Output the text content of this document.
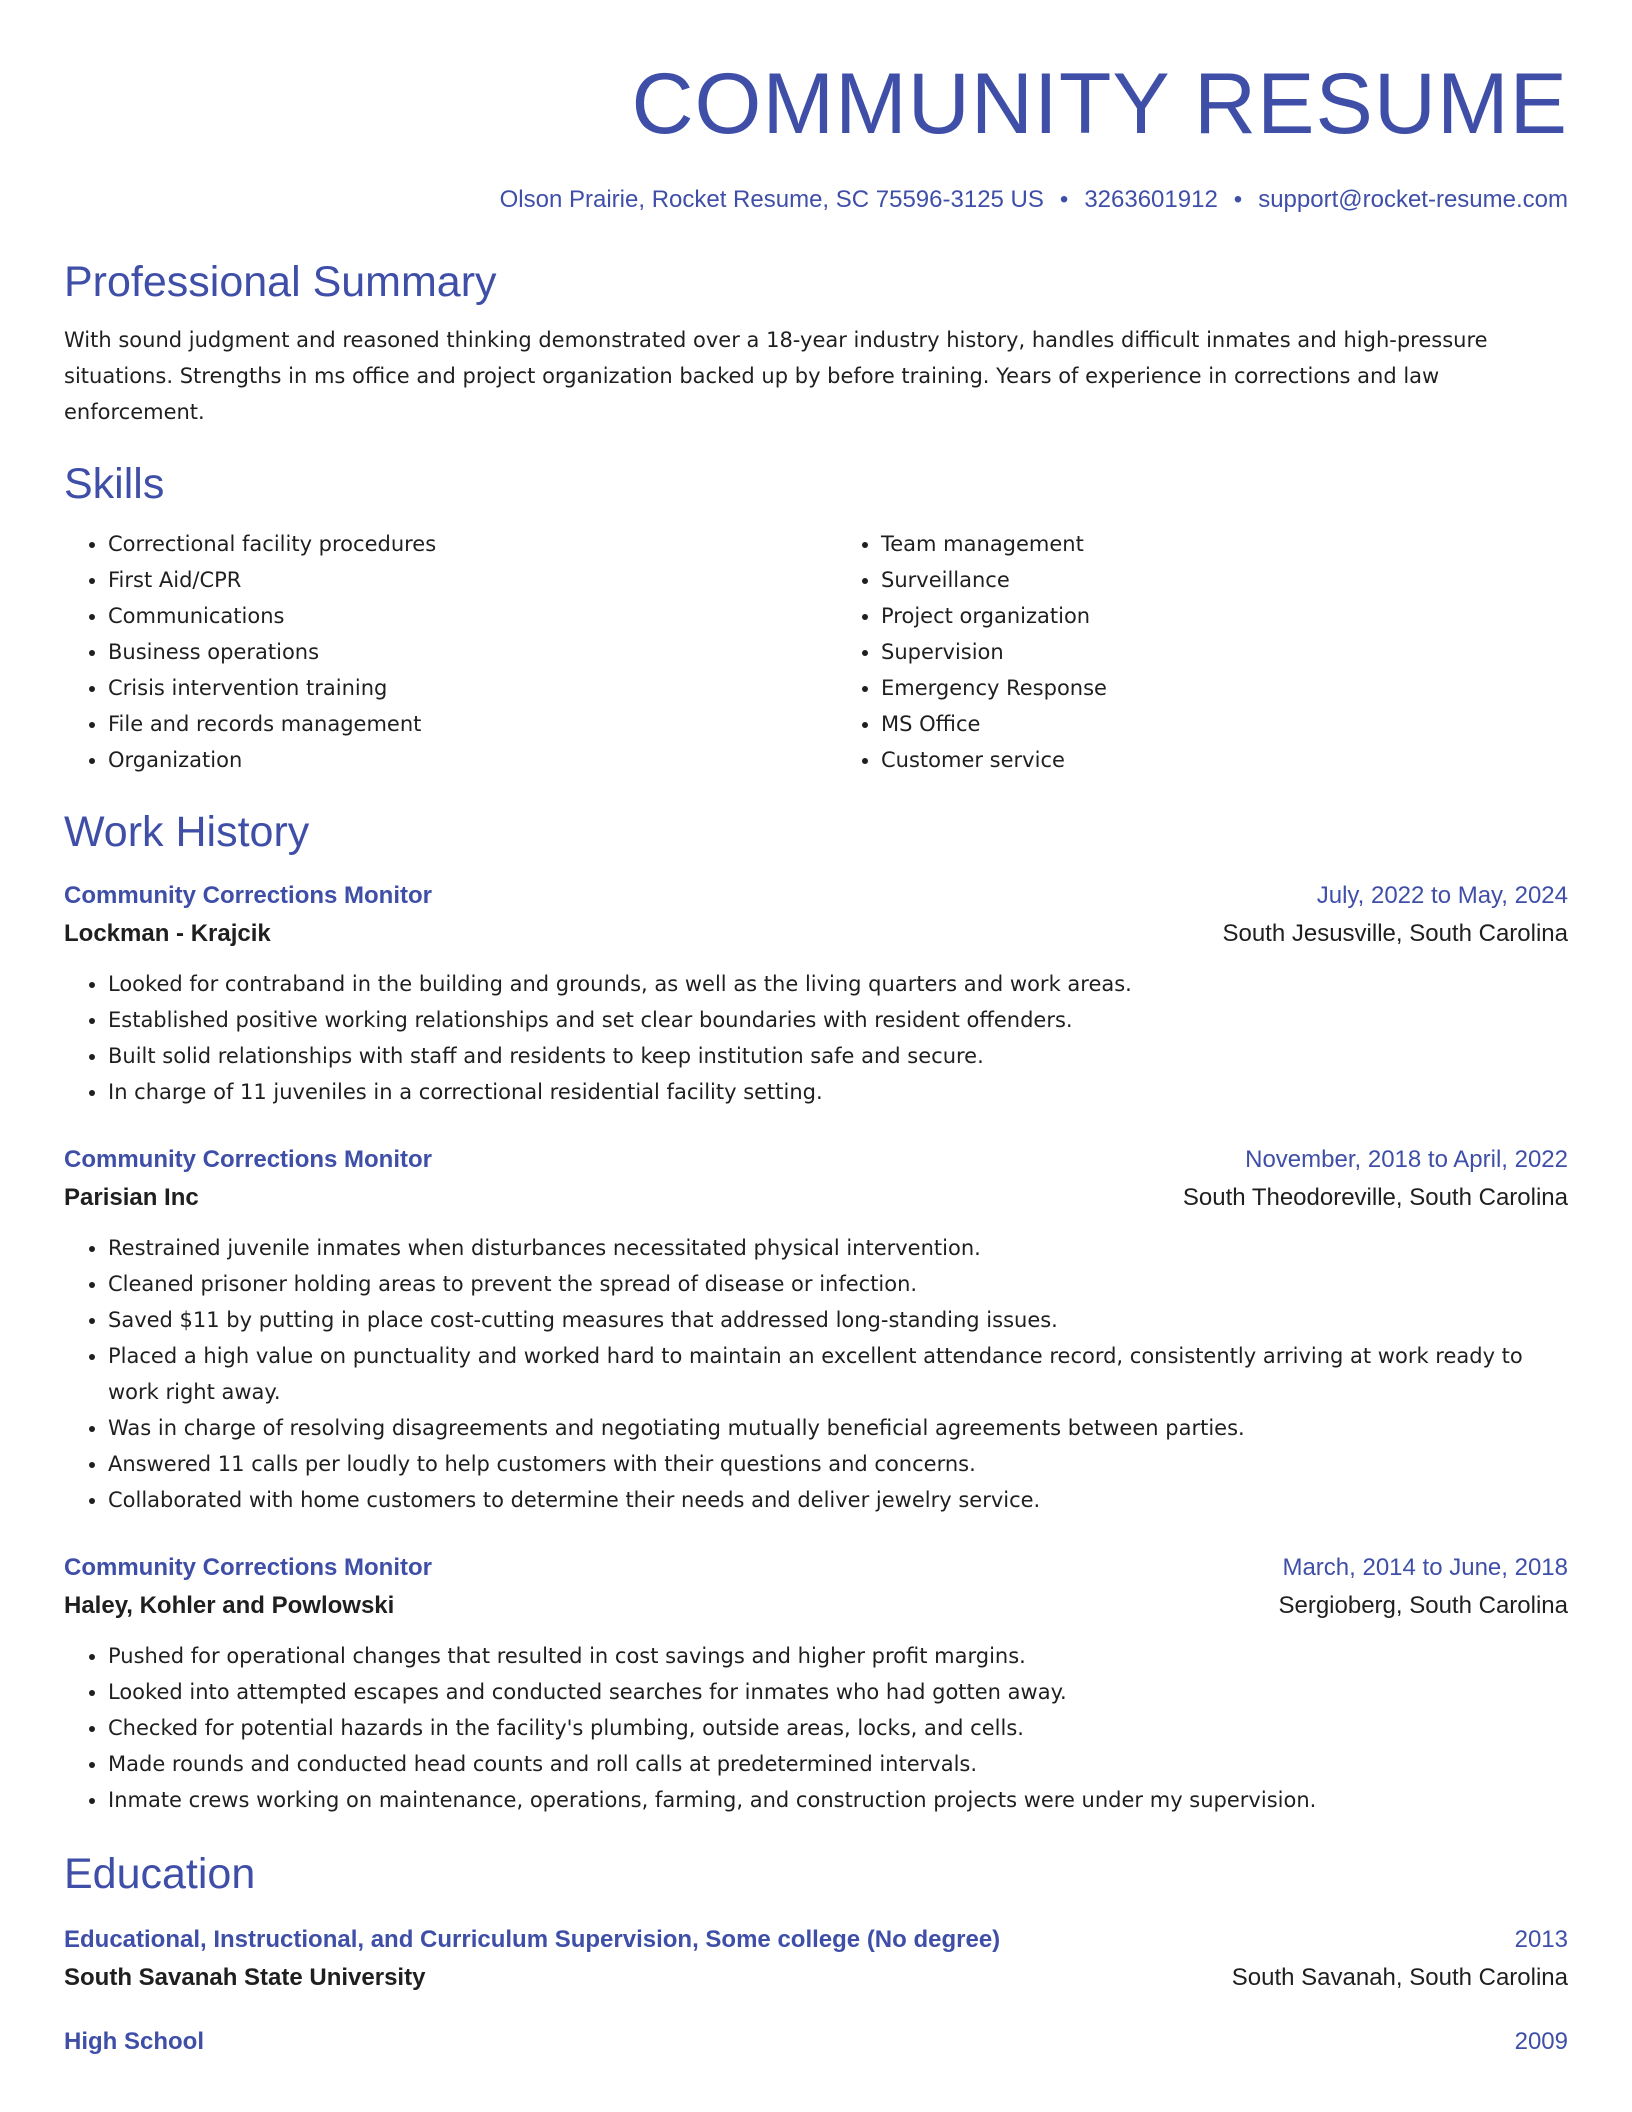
COMMUNITY RESUME
Olson Prairie, Rocket Resume, SC 75596-3125 US • 3263601912 • support@rocket-resume.com
Professional Summary
With sound judgment and reasoned thinking demonstrated over a 18-year industry history, handles difficult inmates and high-pressure situations. Strengths in ms office and project organization backed up by before training. Years of experience in corrections and law enforcement.
Skills
• Correctional facility procedures
• First Aid/CPR
• Communications
• Business operations
• Crisis intervention training
• File and records management
• Organization
• Team management
• Surveillance
• Project organization
• Supervision
• Emergency Response
• MS Office
• Customer service
Work History
Community Corrections Monitor	July, 2022 to May, 2024
Lockman - Krajcik	South Jesusville, South Carolina
• Looked for contraband in the building and grounds, as well as the living quarters and work areas.
• Established positive working relationships and set clear boundaries with resident offenders.
• Built solid relationships with staff and residents to keep institution safe and secure.
• In charge of 11 juveniles in a correctional residential facility setting.
Community Corrections Monitor	November, 2018 to April, 2022
Parisian Inc	South Theodoreville, South Carolina
• Restrained juvenile inmates when disturbances necessitated physical intervention.
• Cleaned prisoner holding areas to prevent the spread of disease or infection.
• Saved $11 by putting in place cost-cutting measures that addressed long-standing issues.
• Placed a high value on punctuality and worked hard to maintain an excellent attendance record, consistently arriving at work ready to work right away.
• Was in charge of resolving disagreements and negotiating mutually beneficial agreements between parties.
• Answered 11 calls per loudly to help customers with their questions and concerns.
• Collaborated with home customers to determine their needs and deliver jewelry service.
Community Corrections Monitor	March, 2014 to June, 2018
Haley, Kohler and Powlowski	Sergioberg, South Carolina
• Pushed for operational changes that resulted in cost savings and higher profit margins.
• Looked into attempted escapes and conducted searches for inmates who had gotten away.
• Checked for potential hazards in the facility's plumbing, outside areas, locks, and cells.
• Made rounds and conducted head counts and roll calls at predetermined intervals.
• Inmate crews working on maintenance, operations, farming, and construction projects were under my supervision.
Education
Educational, Instructional, and Curriculum Supervision, Some college (No degree)	2013
South Savanah State University	South Savanah, South Carolina
High School	2009
